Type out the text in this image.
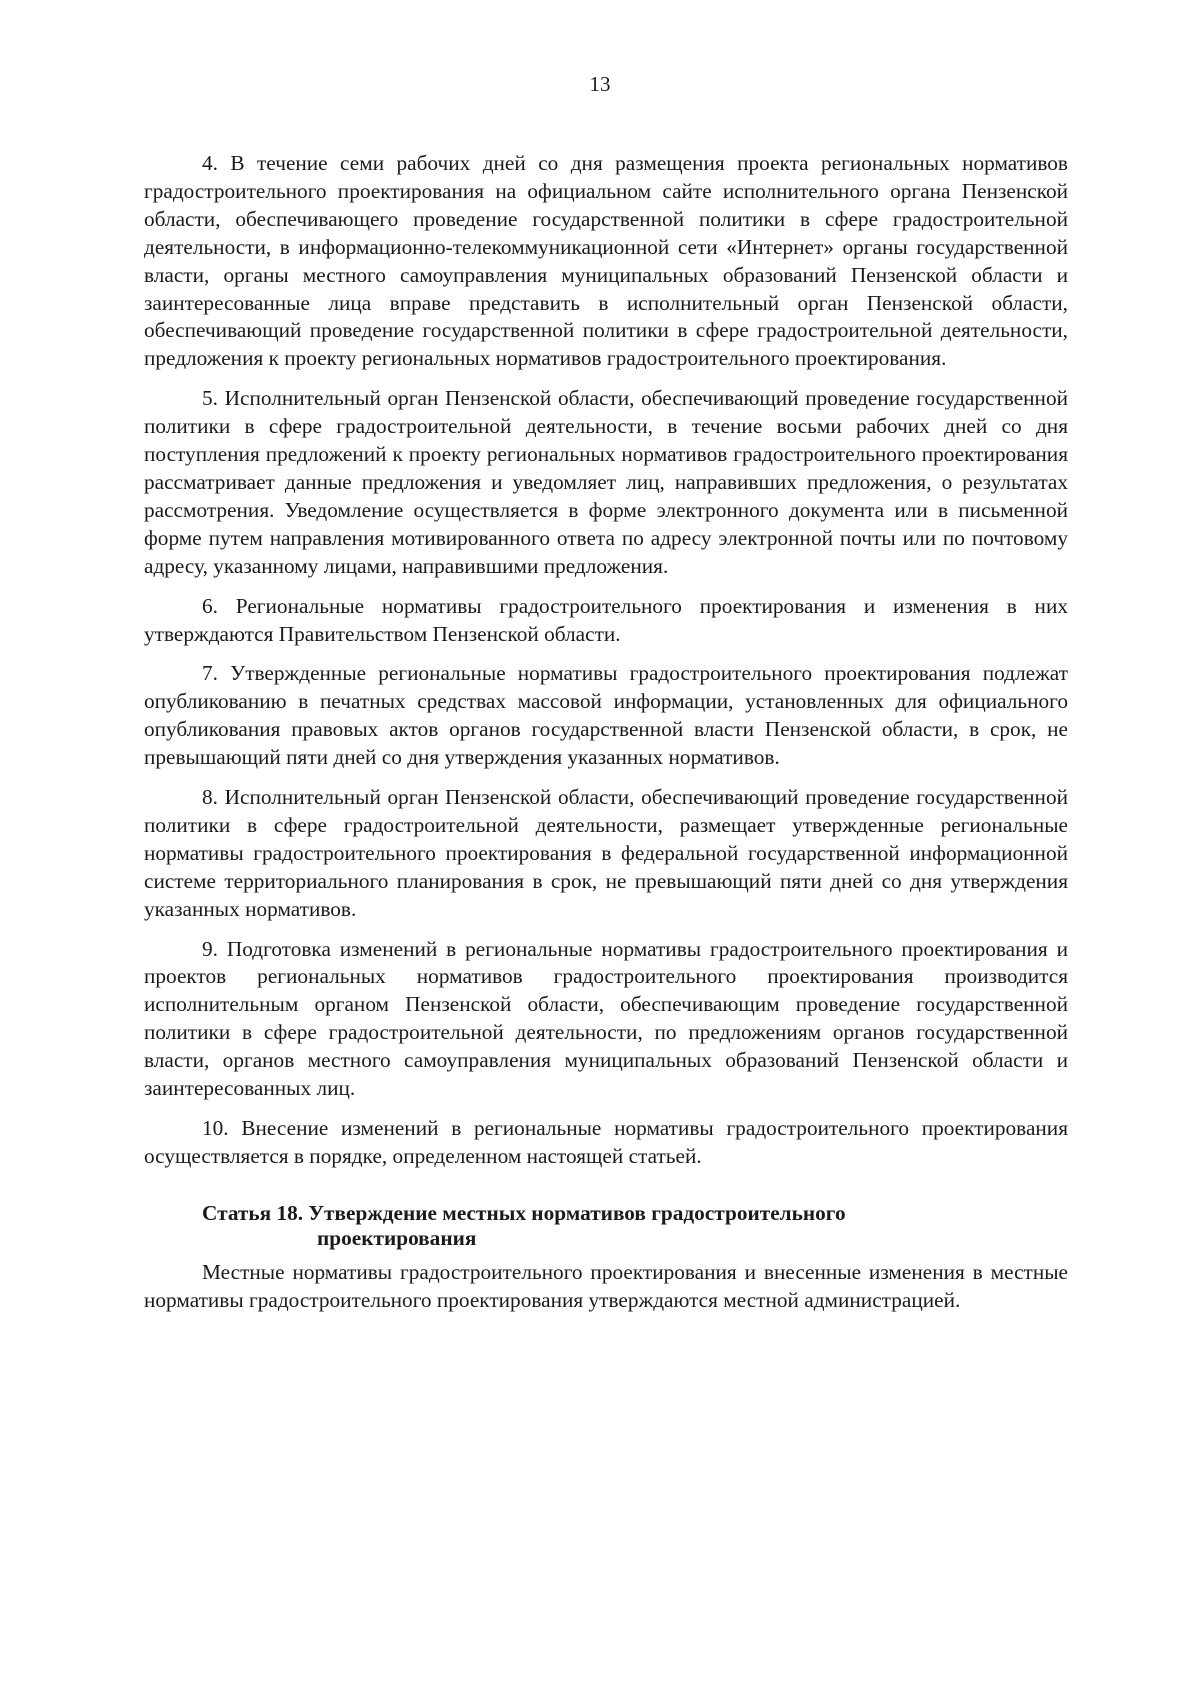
13

4. В течение семи рабочих дней со дня размещения проекта региональных нормативов градостроительного проектирования на официальном сайте исполнительного органа Пензенской области, обеспечивающего проведение государственной политики в сфере градостроительной деятельности, в информационно-телекоммуникационной сети «Интернет» органы государственной власти, органы местного самоуправления муниципальных образований Пензенской области и заинтересованные лица вправе представить в исполнительный орган Пензенской области, обеспечивающий проведение государственной политики в сфере градостроительной деятельности, предложения к проекту региональных нормативов градостроительного проектирования.

5. Исполнительный орган Пензенской области, обеспечивающий проведение государственной политики в сфере градостроительной деятельности, в течение восьми рабочих дней со дня поступления предложений к проекту региональных нормативов градостроительного проектирования рассматривает данные предложения и уведомляет лиц, направивших предложения, о результатах рассмотрения. Уведомление осуществляется в форме электронного документа или в письменной форме путем направления мотивированного ответа по адресу электронной почты или по почтовому адресу, указанному лицами, направившими предложения.

6. Региональные нормативы градостроительного проектирования и изменения в них утверждаются Правительством Пензенской области.

7. Утвержденные региональные нормативы градостроительного проектирования подлежат опубликованию в печатных средствах массовой информации, установленных для официального опубликования правовых актов органов государственной власти Пензенской области, в срок, не превышающий пяти дней со дня утверждения указанных нормативов.

8. Исполнительный орган Пензенской области, обеспечивающий проведение государственной политики в сфере градостроительной деятельности, размещает утвержденные региональные нормативы градостроительного проектирования в федеральной государственной информационной системе территориального планирования в срок, не превышающий пяти дней со дня утверждения указанных нормативов.

9. Подготовка изменений в региональные нормативы градостроительного проектирования и проектов региональных нормативов градостроительного проектирования производится исполнительным органом Пензенской области, обеспечивающим проведение государственной политики в сфере градостроительной деятельности, по предложениям органов государственной власти, органов местного самоуправления муниципальных образований Пензенской области и заинтересованных лиц.

10. Внесение изменений в региональные нормативы градостроительного проектирования осуществляется в порядке, определенном настоящей статьей.

Статья 18. Утверждение местных нормативов градостроительного
проектирования

Местные нормативы градостроительного проектирования и внесенные изменения в местные нормативы градостроительного проектирования утверждаются местной администрацией.
